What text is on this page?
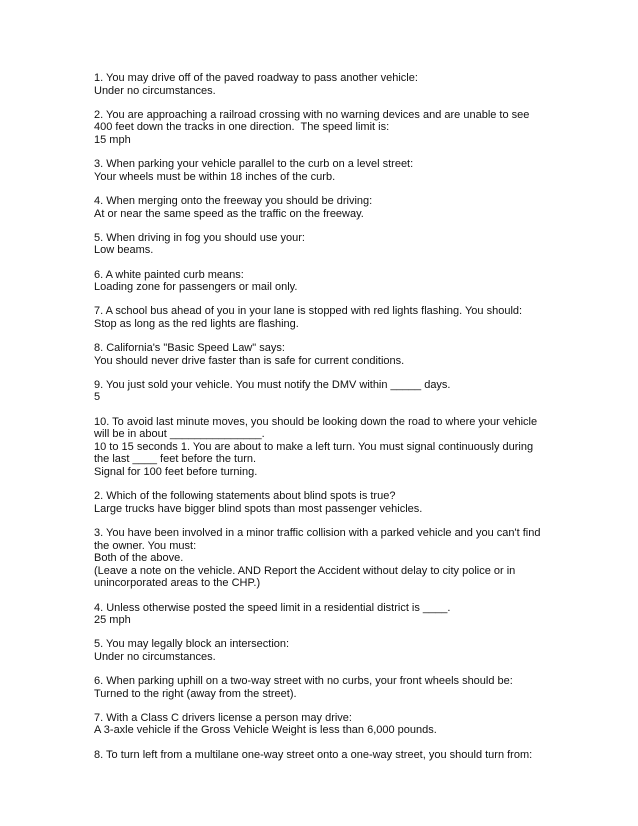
1. You may drive off of the paved roadway to pass another vehicle:
Under no circumstances.
2. You are approaching a railroad crossing with no warning devices and are unable to see 400 feet down the tracks in one direction.  The speed limit is:
15 mph
3. When parking your vehicle parallel to the curb on a level street:
Your wheels must be within 18 inches of the curb.
4. When merging onto the freeway you should be driving:
At or near the same speed as the traffic on the freeway.
5. When driving in fog you should use your:
Low beams.
6. A white painted curb means:
Loading zone for passengers or mail only.
7. A school bus ahead of you in your lane is stopped with red lights flashing. You should:
Stop as long as the red lights are flashing.
8. California's "Basic Speed Law" says:
You should never drive faster than is safe for current conditions.
9. You just sold your vehicle. You must notify the DMV within _____ days.
5
10. To avoid last minute moves, you should be looking down the road to where your vehicle will be in about _______________.
10 to 15 seconds 1. You are about to make a left turn. You must signal continuously during the last ____ feet before the turn.
Signal for 100 feet before turning.
2. Which of the following statements about blind spots is true?
Large trucks have bigger blind spots than most passenger vehicles.
3. You have been involved in a minor traffic collision with a parked vehicle and you can't find the owner. You must:
Both of the above.
(Leave a note on the vehicle. AND Report the Accident without delay to city police or in unincorporated areas to the CHP.)
4. Unless otherwise posted the speed limit in a residential district is ____.
25 mph
5. You may legally block an intersection:
Under no circumstances.
6. When parking uphill on a two-way street with no curbs, your front wheels should be:
Turned to the right (away from the street).
7. With a Class C drivers license a person may drive:
A 3-axle vehicle if the Gross Vehicle Weight is less than 6,000 pounds.
8. To turn left from a multilane one-way street onto a one-way street, you should turn from:
